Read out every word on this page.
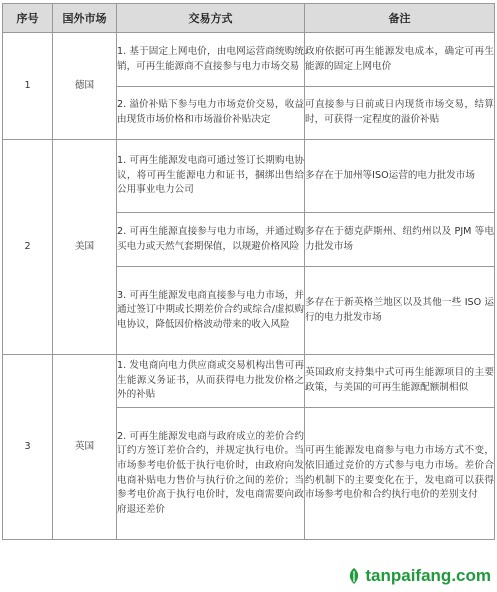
序号	国外市场	交易方式	备注
1	德国	1. 基于固定上网电价，由电网运营商统购统销，可再生能源商不直接参与电力市场交易	政府依据可再生能源发电成本，确定可再生能源的固定上网电价
		2. 溢价补贴下参与电力市场竞价交易，收益由现货市场价格和市场溢价补贴决定	可直接参与日前或日内现货市场交易，结算时，可获得一定程度的溢价补贴
2	美国	1. 可再生能源发电商可通过签订长期购电协议，将可再生能源电力和证书，捆绑出售给公用事业电力公司	多存在于加州等ISO运营的电力批发市场
		2. 可再生能源直接参与电力市场，并通过购买电力或天然气套期保值，以规避价格风险	多存在于德克萨斯州、纽约州以及 PJM 等电力批发市场
		3. 可再生能源发电商直接参与电力市场，并通过签订中期或长期差价合约或综合/虚拟购电协议，降低因价格波动带来的收入风险	多存在于新英格兰地区以及其他一些 ISO 运行的电力批发市场
3	英国	1. 发电商向电力供应商或交易机构出售可再生能源义务证书，从而获得电力批发价格之外的补贴	英国政府支持集中式可再生能源项目的主要政策，与美国的可再生能源配额制相似
		2. 可再生能源发电商与政府成立的差价合约订约方签订差价合约，并规定执行电价。当市场参考电价低于执行电价时，由政府向发电商补贴电力售价与执行价之间的差价；当参考电价高于执行电价时，发电商需要向政府退还差价	可再生能源发电商参与电力市场方式不变，依旧通过竞价的方式参与电力市场。差价合约机制下的主要变化在于，发电商可以获得市场参考电价和合约执行电价的差别支付
tanpaifang.com
